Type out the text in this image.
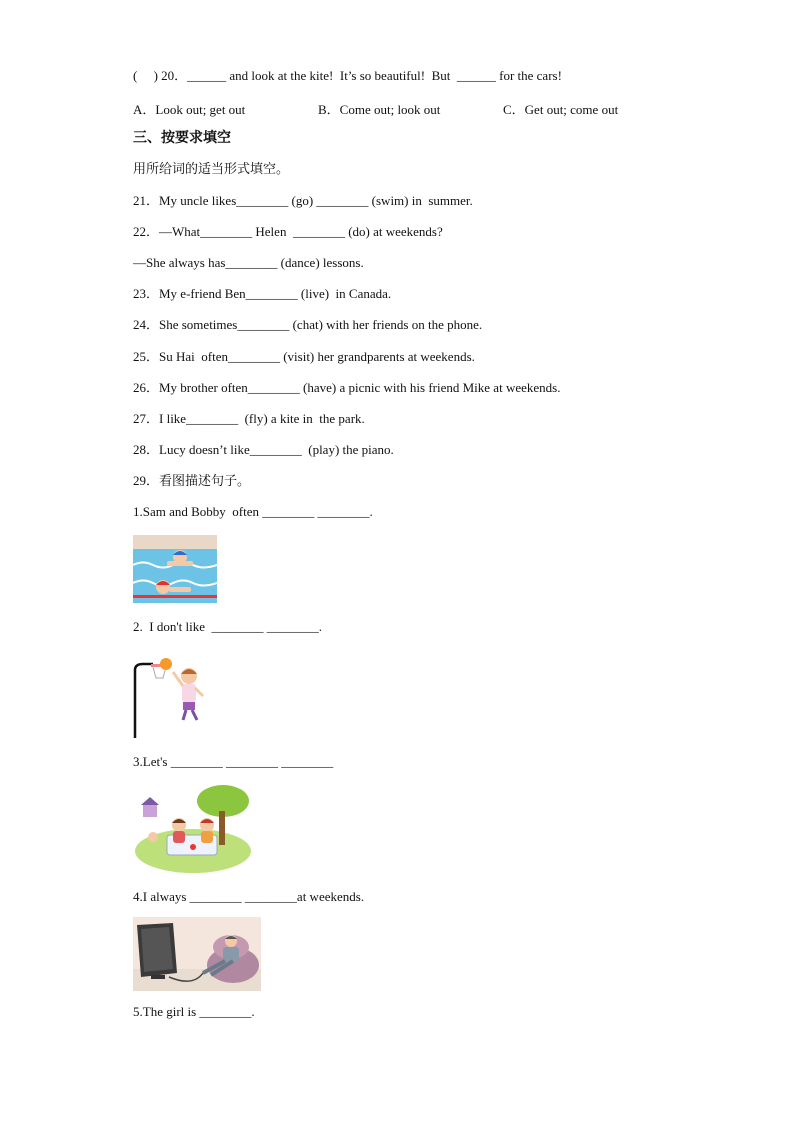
(     ) 20．______ and look at the kite!  It’s so beautiful!  But  ______ for the cars!
A．Look out; get out	B．Come out; look out	C．Get out; come out
三、按要求填空
用所给词的适当形式填空。
21．My uncle likes________ (go) ________ (swim) in  summer.
22．—What________ Helen  ________ (do) at weekends?
—She always has________ (dance) lessons.
23．My e-friend Ben________ (live)  in Canada.
24．She sometimes________ (chat) with her friends on the phone.
25．Su Hai  often________ (visit) her grandparents at weekends.
26．My brother often________ (have) a picnic with his friend Mike at weekends.
27．I like________  (fly) a kite in  the park.
28．Lucy doesn’t like________  (play) the piano.
29．看图描述句子。
1.Sam and Bobby  often ________ ________.
2.  I don't like  ________ ________.
3.Let's ________ ________ ________
4.I always ________ ________at weekends.
5.The girl is ________.
